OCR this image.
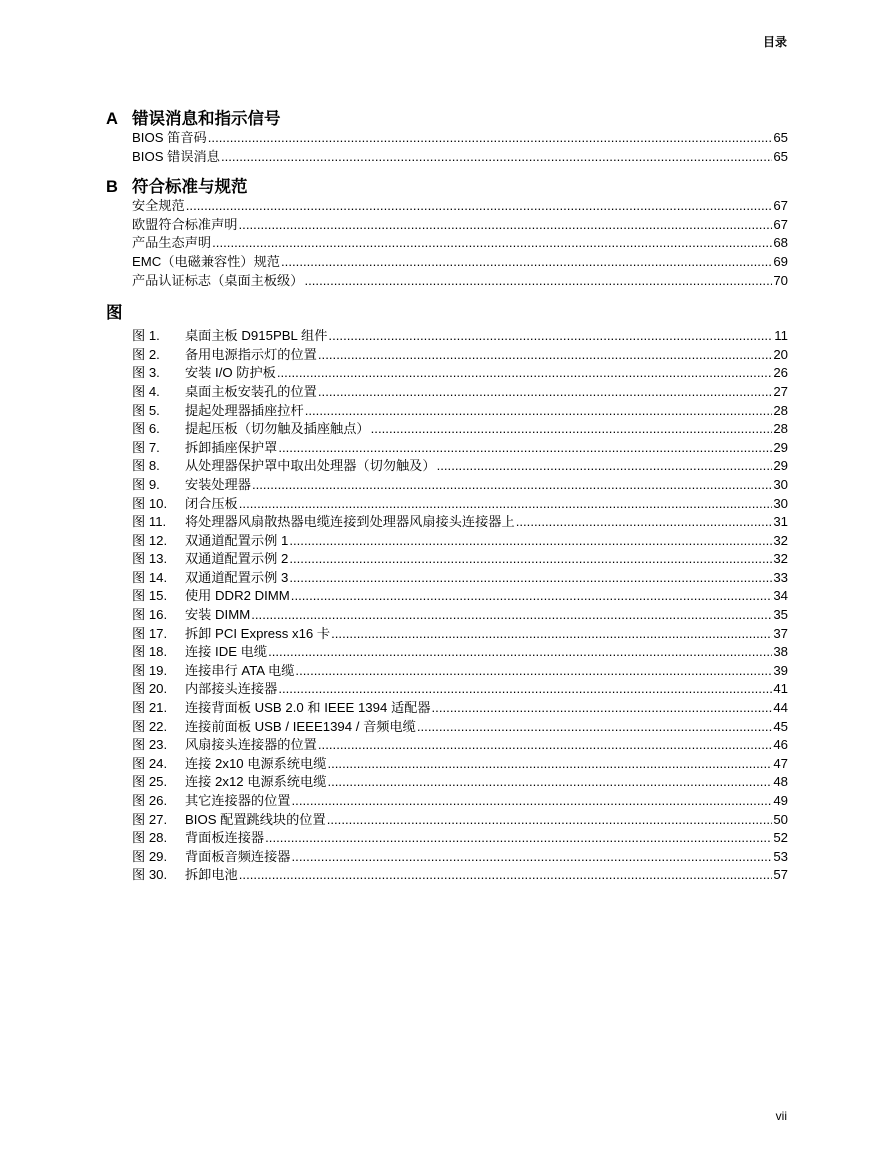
目录
A 错误消息和指示信号
BIOS 笛音码 .....	65
BIOS 错误消息 .....	65
B 符合标准与规范
安全规范 .....	67
欧盟符合标准声明 .....	67
产品生态声明 .....	68
EMC（电磁兼容性）规范 .....	69
产品认证标志（桌面主板级） .....	70
图
图 1.	桌面主板 D915PBL 组件 .....	11
图 2.	备用电源指示灯的位置 .....	20
图 3.	安装 I/O 防护板 .....	26
图 4.	桌面主板安装孔的位置 .....	27
图 5.	提起处理器插座拉杆 .....	28
图 6.	提起压板（切勿触及插座触点） .....	28
图 7.	拆卸插座保护罩 .....	29
图 8.	从处理器保护罩中取出处理器（切勿触及） .....	29
图 9.	安装处理器 .....	30
图 10.	闭合压板 .....	30
图 11.	将处理器风扇散热器电缆连接到处理器风扇接头连接器上 .....	31
图 12.	双通道配置示例 1 .....	32
图 13.	双通道配置示例 2 .....	32
图 14.	双通道配置示例 3 .....	33
图 15.	使用 DDR2 DIMM .....	34
图 16.	安装 DIMM .....	35
图 17.	拆卸 PCI Express x16 卡 .....	37
图 18.	连接 IDE 电缆 .....	38
图 19.	连接串行 ATA 电缆 .....	39
图 20.	内部接头连接器 .....	41
图 21.	连接背面板 USB 2.0 和 IEEE 1394 适配器 .....	44
图 22.	连接前面板 USB / IEEE1394 / 音频电缆 .....	45
图 23.	风扇接头连接器的位置 .....	46
图 24.	连接 2x10 电源系统电缆 .....	47
图 25.	连接 2x12 电源系统电缆 .....	48
图 26.	其它连接器的位置 .....	49
图 27.	BIOS 配置跳线块的位置 .....	50
图 28.	背面板连接器 .....	52
图 29.	背面板音频连接器 .....	53
图 30.	拆卸电池 .....	57
vii
